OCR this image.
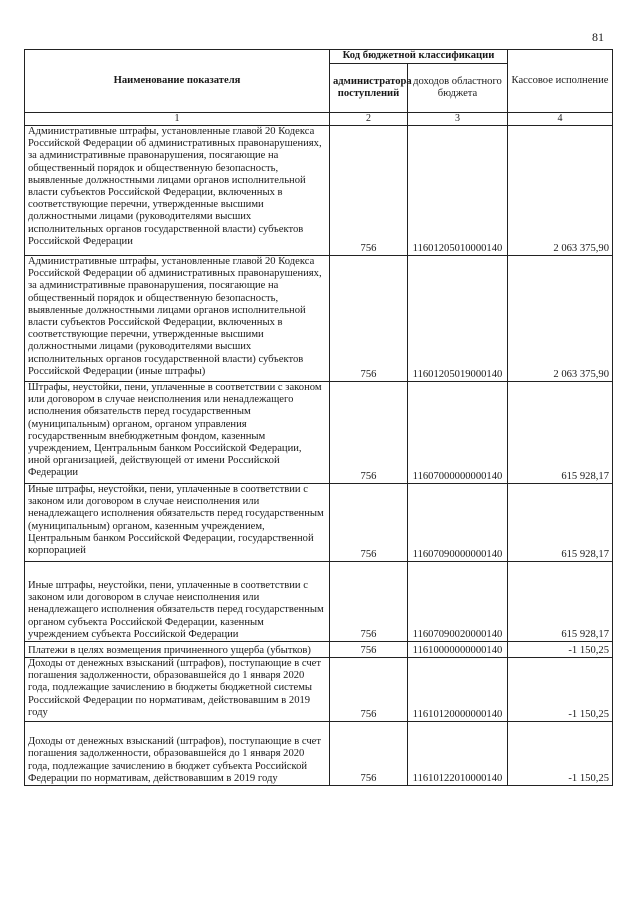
81
Наименование показателя	Код бюджетной классификации		Кассовое исполнение
	администратора поступлений	доходов областного бюджета	
1	2	3	4
Административные штрафы, установленные главой 20 Кодекса Российской Федерации об административных правонарушениях, за административные правонарушения, посягающие на общественный порядок и общественную безопасность, выявленные должностными лицами органов исполнительной власти субъектов Российской Федерации, включенных в соответствующие перечни, утвержденные высшими должностными лицами (руководителями высших исполнительных органов государственной власти) субъектов Российской Федерации	756	11601205010000140	2 063 375,90
Административные штрафы, установленные главой 20 Кодекса Российской Федерации об административных правонарушениях, за административные правонарушения, посягающие на общественный порядок и общественную безопасность, выявленные должностными лицами органов исполнительной власти субъектов Российской Федерации, включенных в соответствующие перечни, утвержденные высшими должностными лицами (руководителями высших исполнительных органов государственной власти) субъектов Российской Федерации (иные штрафы)	756	11601205019000140	2 063 375,90
Штрафы, неустойки, пени, уплаченные в соответствии с законом или договором в случае неисполнения или ненадлежащего исполнения обязательств перед государственным (муниципальным) органом, органом управления государственным внебюджетным фондом, казенным учреждением, Центральным банком Российской Федерации, иной организацией, действующей от имени Российской Федерации	756	11607000000000140	615 928,17
Иные штрафы, неустойки, пени, уплаченные в соответствии с законом или договором в случае неисполнения или ненадлежащего исполнения обязательств перед государственным (муниципальным) органом, казенным учреждением, Центральным банком Российской Федерации, государственной корпорацией	756	11607090000000140	615 928,17
Иные штрафы, неустойки, пени, уплаченные в соответствии с законом или договором в случае неисполнения или ненадлежащего исполнения обязательств перед государственным органом субъекта Российской Федерации, казенным учреждением субъекта Российской Федерации	756	11607090020000140	615 928,17
Платежи в целях возмещения причиненного ущерба (убытков)	756	11610000000000140	-1 150,25
Доходы от денежных взысканий (штрафов), поступающие в счет погашения задолженности, образовавшейся до 1 января 2020 года, подлежащие зачислению в бюджеты бюджетной системы Российской Федерации по нормативам, действовавшим в 2019 году	756	11610120000000140	-1 150,25
Доходы от денежных взысканий (штрафов), поступающие в счет погашения задолженности, образовавшейся до 1 января 2020 года, подлежащие зачислению в бюджет субъекта Российской Федерации по нормативам, действовавшим в 2019 году	756	11610122010000140	-1 150,25
